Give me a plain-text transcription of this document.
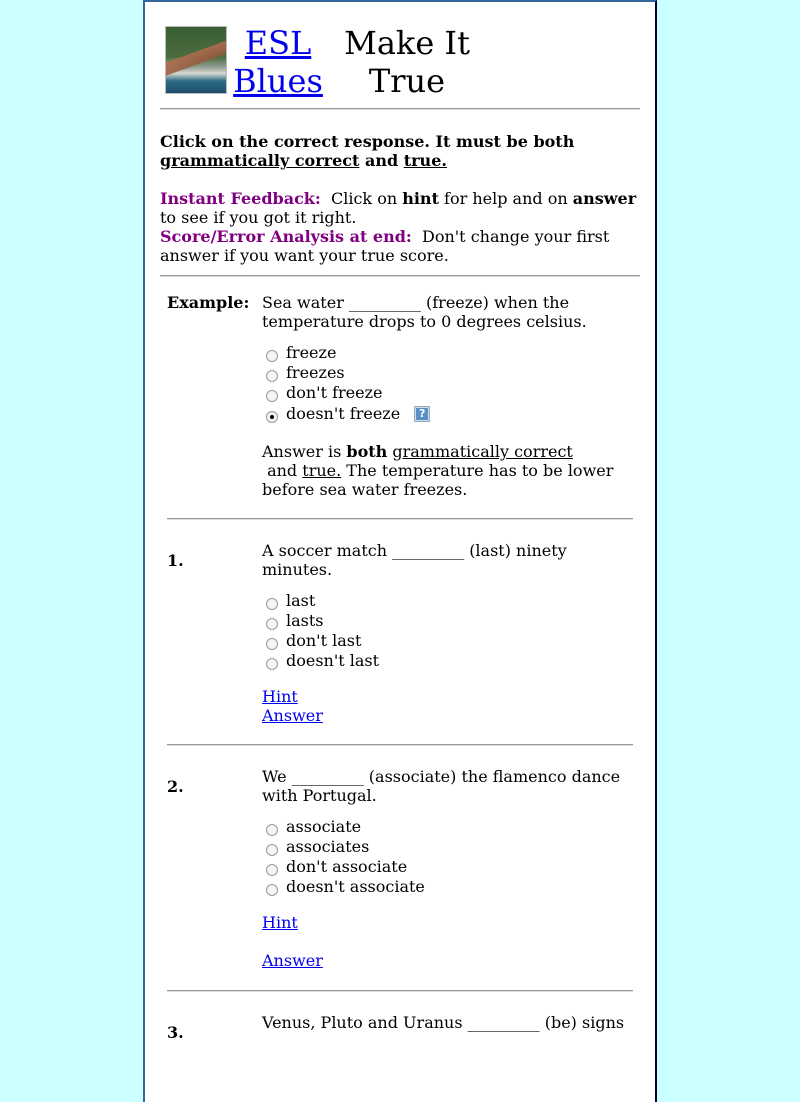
ESL
Blues
Make It
True

Click on the correct response. It must be both grammatically correct and true.

Instant Feedback:  Click on hint for help and on answer to see if you got it right.

Score/Error Analysis at end:  Don't change your first answer if you want your true score.

Example: Sea water _________ (freeze) when the temperature drops to 0 degrees celsius.
freeze
freezes
don't freeze
doesn't freeze	?
Answer is both grammatically correct and true. The temperature has to be lower before sea water freezes.
1.
A soccer match _________ (last) ninety minutes.
last
lasts
don't last
doesn't last
Hint
Answer
2.
We _________ (associate) the flamenco dance with Portugal.
associate
associates
don't associate
doesn't associate
Hint
Answer
3.
Venus, Pluto and Uranus _________ (be) signs
